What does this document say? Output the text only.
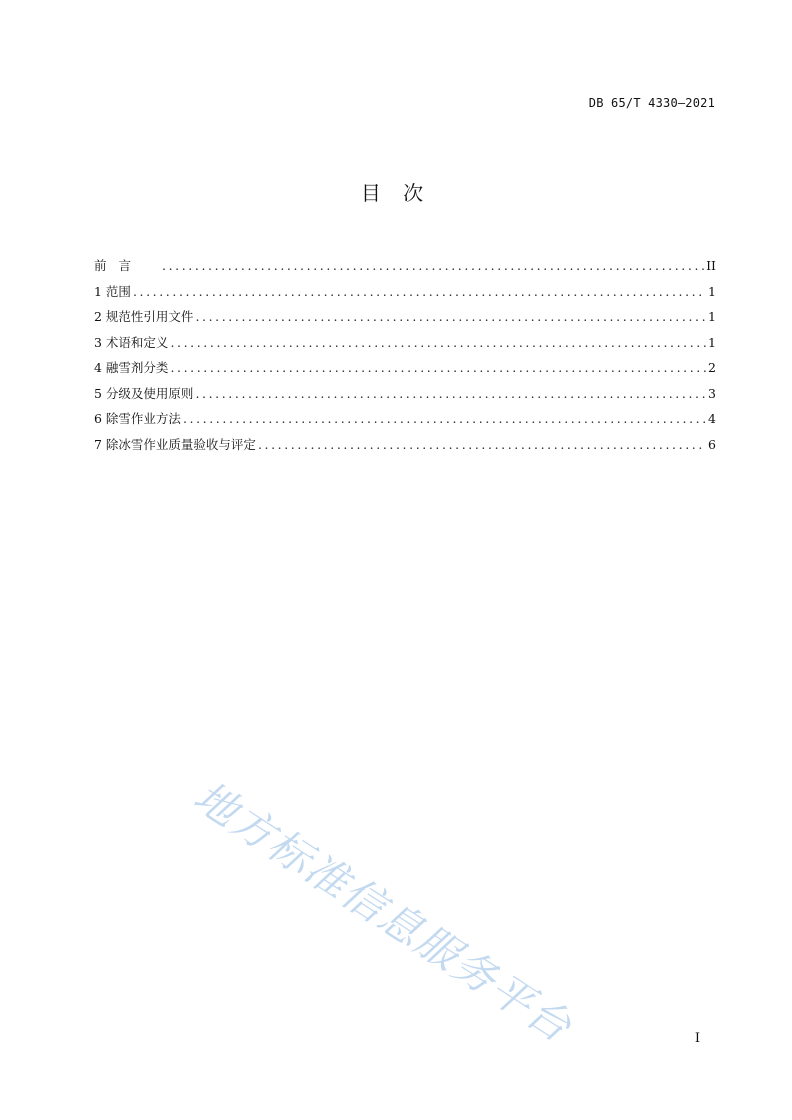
DB 65/T 4330—2021
目 次
前 言 .....	II
1 范围 .....	1
2 规范性引用文件 .....	1
3 术语和定义 .....	1
4 融雪剂分类 .....	2
5 分级及使用原则 .....	3
6 除雪作业方法 .....	4
7 除冰雪作业质量验收与评定 .....	6
地方标准信息服务平台	I
